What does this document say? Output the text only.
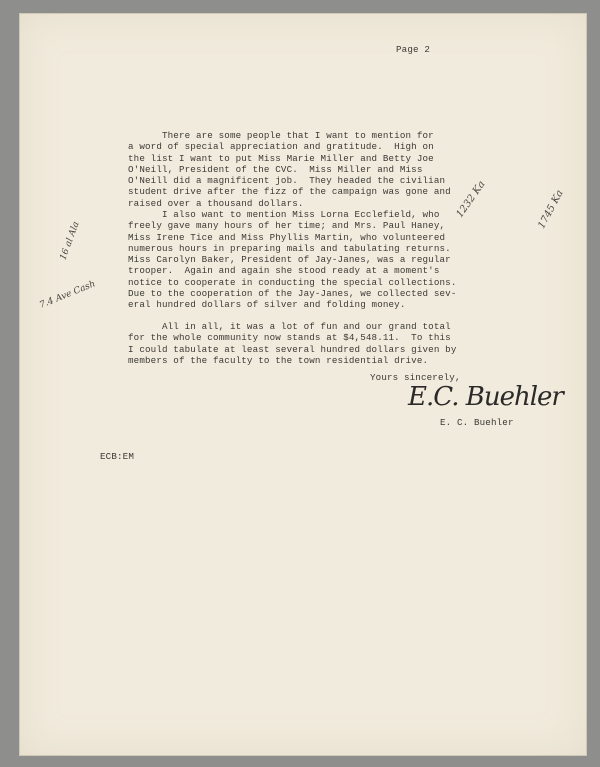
Page 2
There are some people that I want to mention for
a word of special appreciation and gratitude.  High on
the list I want to put Miss Marie Miller and Betty Joe
O'Neill, President of the CVC.  Miss Miller and Miss
O'Neill did a magnificent job.  They headed the civilian
student drive after the fizz of the campaign was gone and
raised over a thousand dollars.
I also want to mention Miss Lorna Ecclefield, who
freely gave many hours of her time; and Mrs. Paul Haney,
Miss Irene Tice and Miss Phyllis Martin, who volunteered
numerous hours in preparing mails and tabulating returns.
Miss Carolyn Baker, President of Jay-Janes, was a regular
trooper.  Again and again she stood ready at a moment's
notice to cooperate in conducting the special collections.
Due to the cooperation of the Jay-Janes, we collected sev-
eral hundred dollars of silver and folding money.
All in all, it was a lot of fun and our grand total
for the whole community now stands at $4,548.11.  To this
I could tabulate at least several hundred dollars given by
members of the faculty to the town residential drive.
Yours sincerely,
E.C. Buehler
E. C. Buehler
ECB:EM
1232 Ka	1745 Ka
16 al Ala
7.4 Ave Cash
